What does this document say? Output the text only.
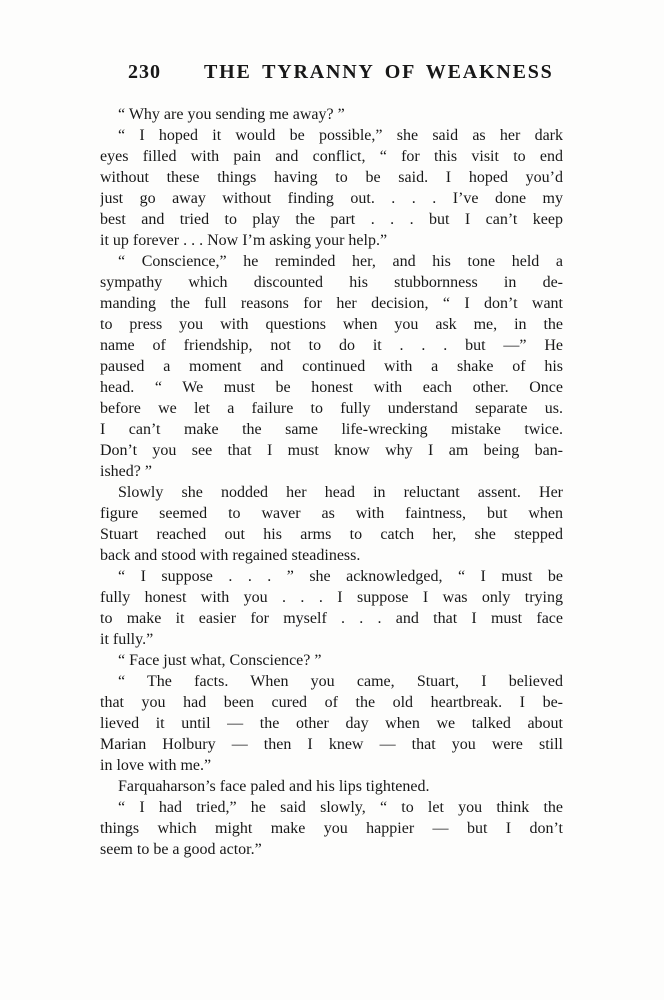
230 THE TYRANNY OF WEAKNESS
“ Why are you sending me away? ”
“ I hoped it would be possible,” she said as her dark
eyes filled with pain and conflict, “ for this visit to end
without these things having to be said. I hoped you’d
just go away without finding out. . . . I’ve done my
best and tried to play the part . . . but I can’t keep
it up forever . . . Now I’m asking your help.”
“ Conscience,” he reminded her, and his tone held a
sympathy which discounted his stubbornness in de-
manding the full reasons for her decision, “ I don’t want
to press you with questions when you ask me, in the
name of friendship, not to do it . . . but —” He
paused a moment and continued with a shake of his
head. “ We must be honest with each other. Once
before we let a failure to fully understand separate us.
I can’t make the same life-wrecking mistake twice.
Don’t you see that I must know why I am being ban-
ished? ”
Slowly she nodded her head in reluctant assent. Her
figure seemed to waver as with faintness, but when
Stuart reached out his arms to catch her, she stepped
back and stood with regained steadiness.
“ I suppose . . . ” she acknowledged, “ I must be
fully honest with you . . . I suppose I was only trying
to make it easier for myself . . . and that I must face
it fully.”
“ Face just what, Conscience? ”
“ The facts. When you came, Stuart, I believed
that you had been cured of the old heartbreak. I be-
lieved it until — the other day when we talked about
Marian Holbury — then I knew — that you were still
in love with me.”
Farquaharson’s face paled and his lips tightened.
“ I had tried,” he said slowly, “ to let you think the
things which might make you happier — but I don’t
seem to be a good actor.”
